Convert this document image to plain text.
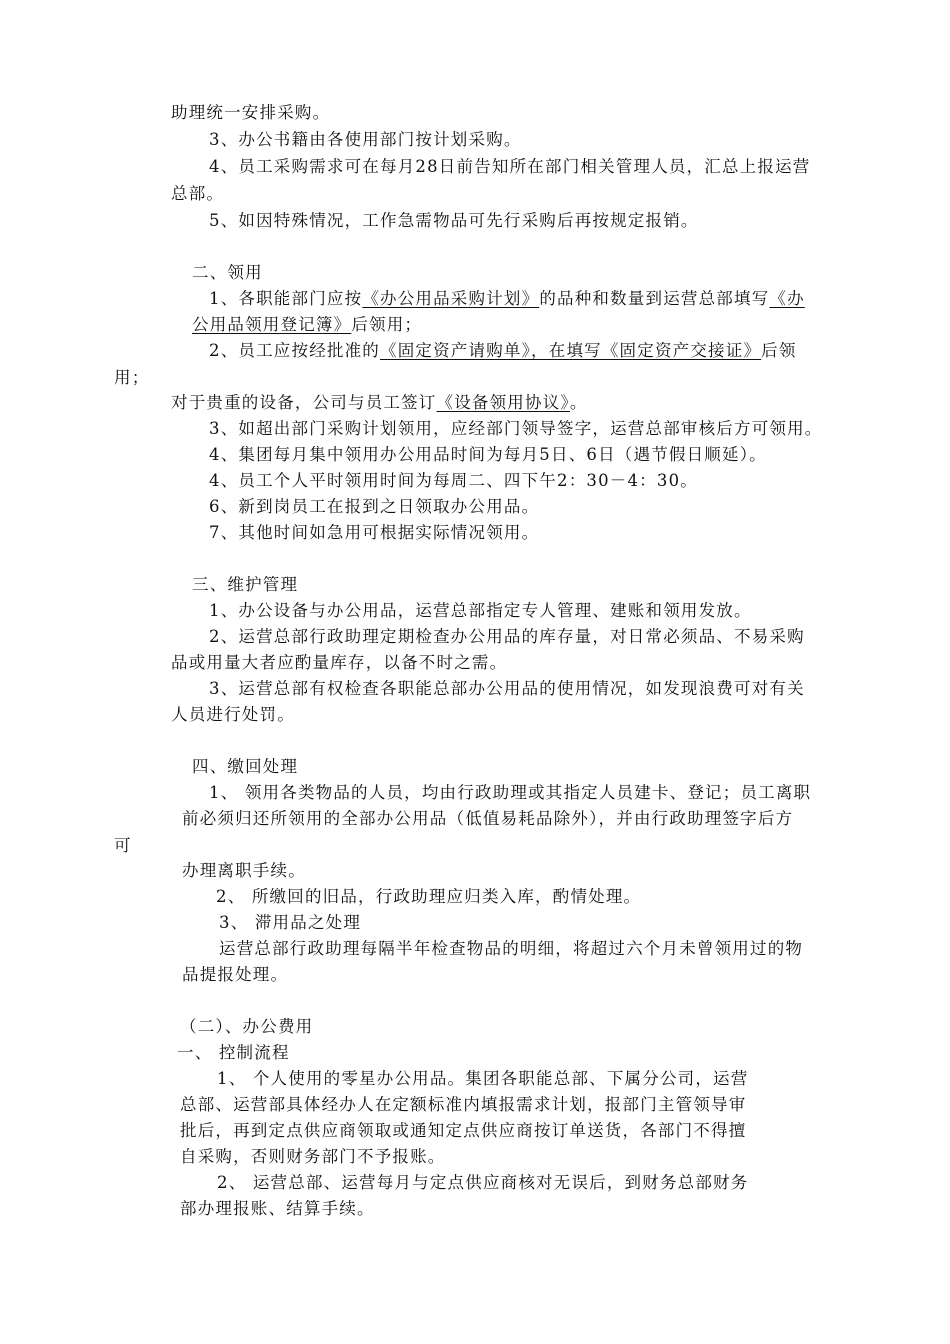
助理统一安排采购。
3、办公书籍由各使用部门按计划采购。
4、员工采购需求可在每月28日前告知所在部门相关管理人员，汇总上报运营
总部。
5、如因特殊情况，工作急需物品可先行采购后再按规定报销。
二、领用
1、各职能部门应按《办公用品采购计划》的品种和数量到运营总部填写《办
公用品领用登记簿》后领用；
2、员工应按经批准的《固定资产请购单》，在填写《固定资产交接证》后领
用；
对于贵重的设备，公司与员工签订《设备领用协议》。
3、如超出部门采购计划领用，应经部门领导签字，运营总部审核后方可领用。
4、集团每月集中领用办公用品时间为每月5日、6日（遇节假日顺延）。
4、员工个人平时领用时间为每周二、四下午2：30－4：30。
6、新到岗员工在报到之日领取办公用品。
7、其他时间如急用可根据实际情况领用。
三、维护管理
1、办公设备与办公用品，运营总部指定专人管理、建账和领用发放。
2、运营总部行政助理定期检查办公用品的库存量，对日常必须品、不易采购
品或用量大者应酌量库存，以备不时之需。
3、运营总部有权检查各职能总部办公用品的使用情况，如发现浪费可对有关
人员进行处罚。
四、缴回处理
1、 领用各类物品的人员，均由行政助理或其指定人员建卡、登记；员工离职
前必须归还所领用的全部办公用品（低值易耗品除外），并由行政助理签字后方
可
办理离职手续。
2、 所缴回的旧品，行政助理应归类入库，酌情处理。
3、 滞用品之处理
运营总部行政助理每隔半年检查物品的明细，将超过六个月未曾领用过的物
品提报处理。
（二）、办公费用
一、 控制流程
1、 个人使用的零星办公用品。集团各职能总部、下属分公司，运营
总部、运营部具体经办人在定额标准内填报需求计划，报部门主管领导审
批后，再到定点供应商领取或通知定点供应商按订单送货，各部门不得擅
自采购，否则财务部门不予报账。
2、 运营总部、运营每月与定点供应商核对无误后，到财务总部财务
部办理报账、结算手续。
